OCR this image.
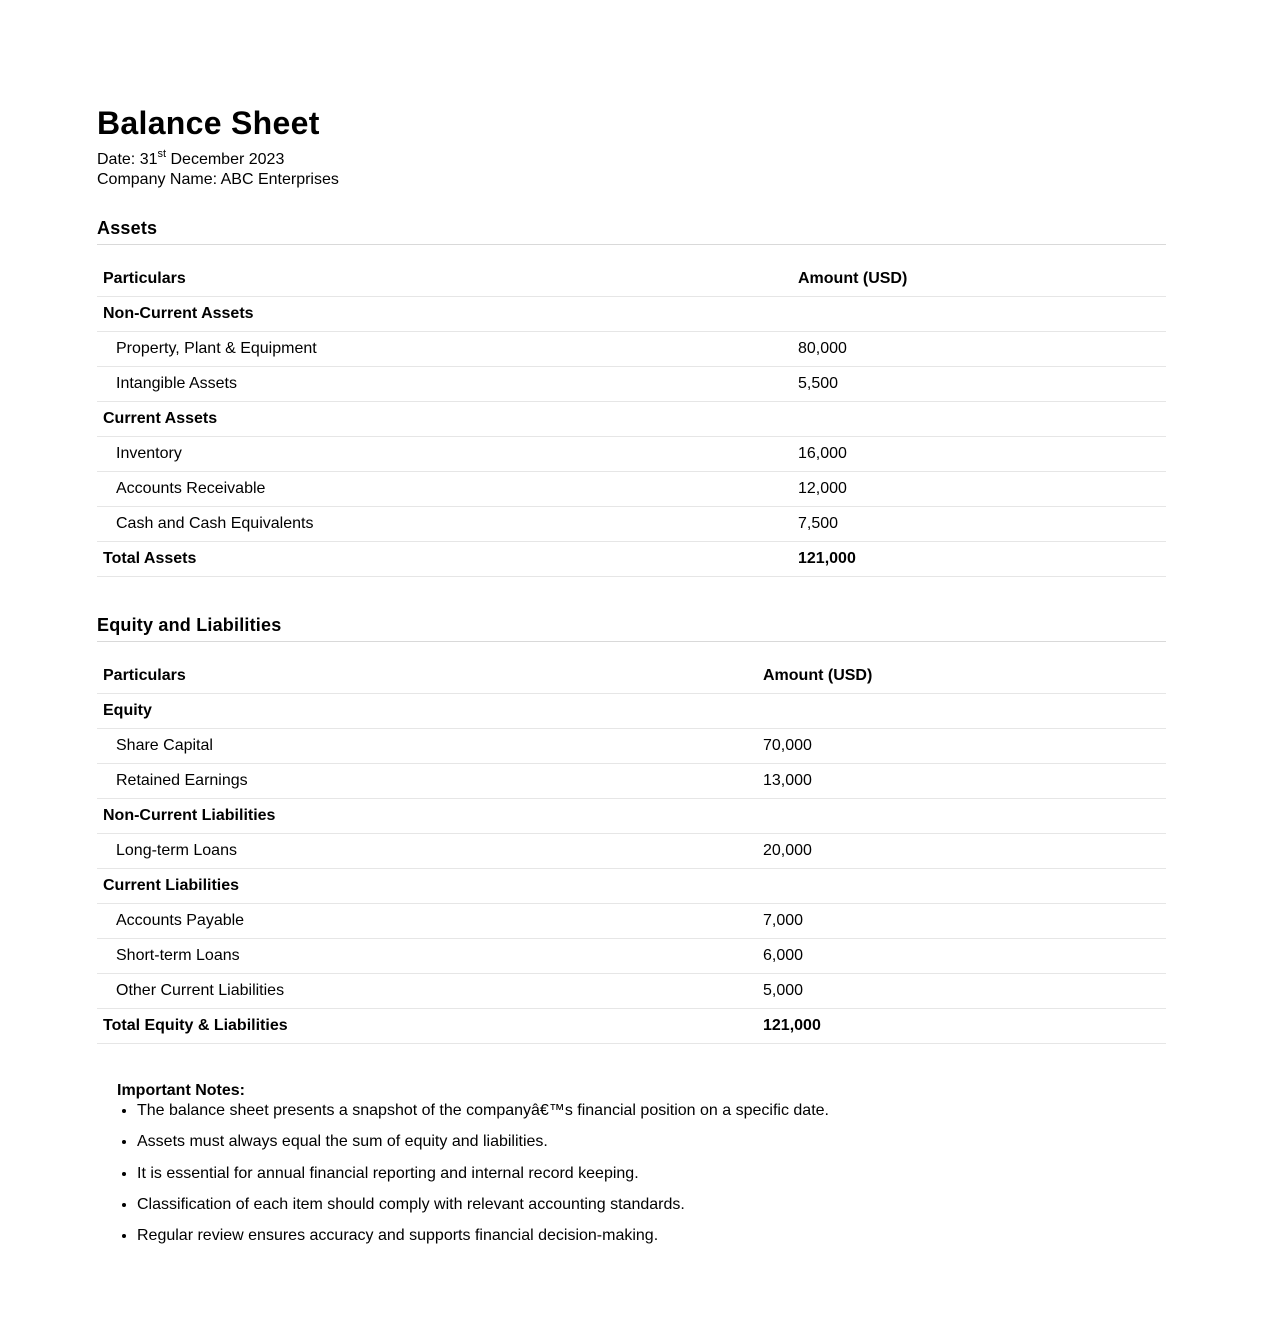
Balance Sheet
Date: 31st December 2023
Company Name: ABC Enterprises
Assets
Particulars	Amount (USD)
Non-Current Assets	
Property, Plant & Equipment	80,000
Intangible Assets	5,500
Current Assets	
Inventory	16,000
Accounts Receivable	12,000
Cash and Cash Equivalents	7,500
Total Assets	121,000
Equity and Liabilities
Particulars	Amount (USD)
Equity	
Share Capital	70,000
Retained Earnings	13,000
Non-Current Liabilities	
Long-term Loans	20,000
Current Liabilities	
Accounts Payable	7,000
Short-term Loans	6,000
Other Current Liabilities	5,000
Total Equity & Liabilities	121,000
Important Notes:
• The balance sheet presents a snapshot of the companyâ€™s financial position on a specific date.
• Assets must always equal the sum of equity and liabilities.
• It is essential for annual financial reporting and internal record keeping.
• Classification of each item should comply with relevant accounting standards.
• Regular review ensures accuracy and supports financial decision-making.
